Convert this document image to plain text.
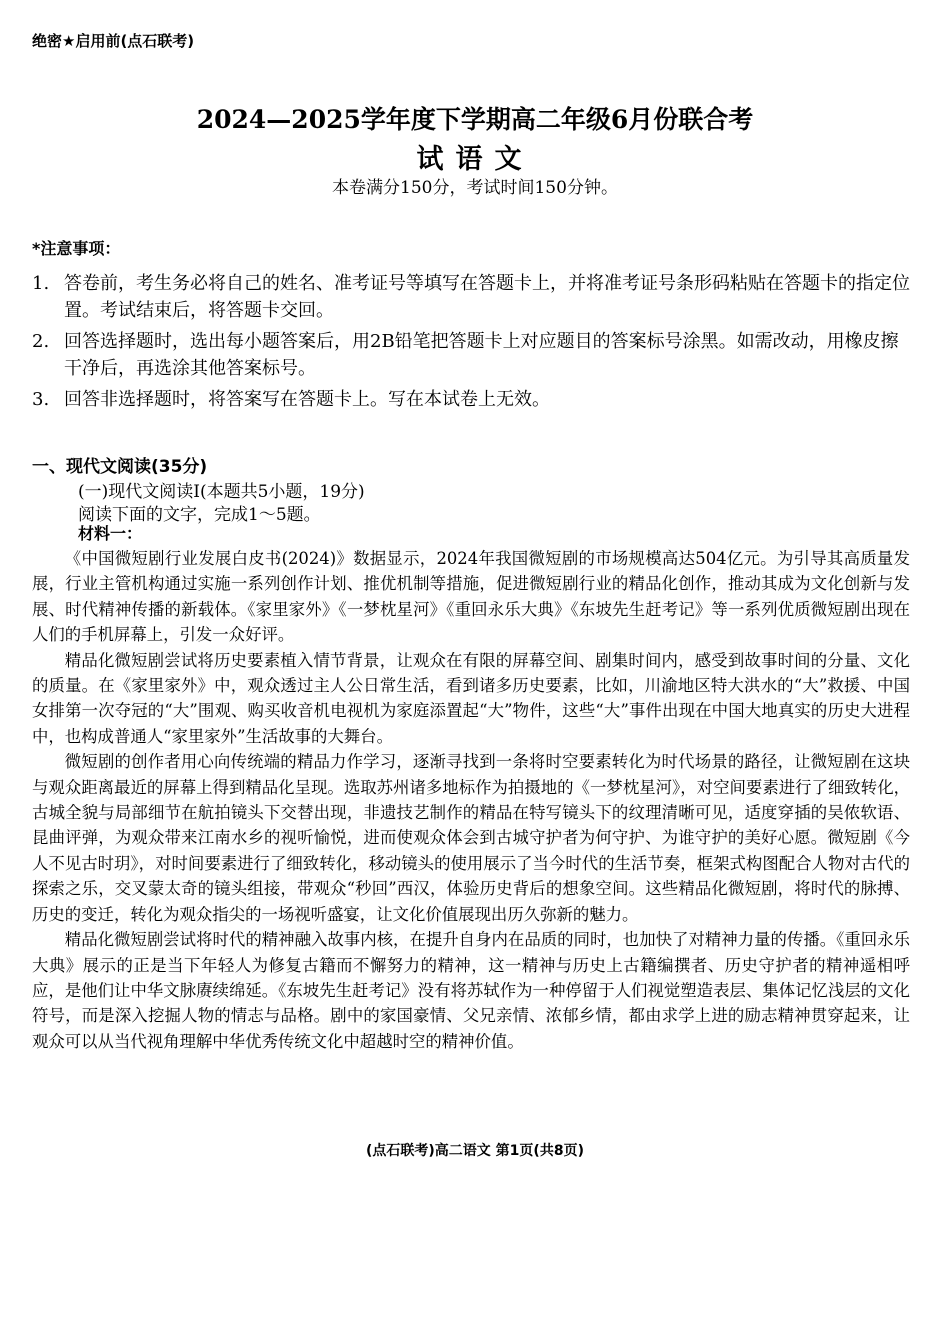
绝密★启用前(点石联考)
2024—2025学年度下学期高二年级6月份联合考
试语文
本卷满分150分，考试时间150分钟。
*注意事项：
1. 答卷前，考生务必将自己的姓名、准考证号等填写在答题卡上，并将准考证号条形码粘贴在答题卡的指定位置。考试结束后，将答题卡交回。
2. 回答选择题时，选出每小题答案后，用2B铅笔把答题卡上对应题目的答案标号涂黑。如需改动，用橡皮擦干净后，再选涂其他答案标号。
3. 回答非选择题时，将答案写在答题卡上。写在本试卷上无效。
一、现代文阅读(35分)
(一)现代文阅读Ⅰ(本题共5小题，19分)
阅读下面的文字，完成1～5题。
材料一：

《中国微短剧行业发展白皮书(2024)》数据显示，2024年我国微短剧的市场规模高达504亿元。为引导其高质量发展，行业主管机构通过实施一系列创作计划、推优机制等措施，促进微短剧行业的精品化创作，推动其成为文化创新与发展、时代精神传播的新载体。《家里家外》《一梦枕星河》《重回永乐大典》《东坡先生赶考记》等一系列优质微短剧出现在人们的手机屏幕上，引发一众好评。

精品化微短剧尝试将历史要素植入情节背景，让观众在有限的屏幕空间、剧集时间内，感受到故事时间的分量、文化的质量。在《家里家外》中，观众透过主人公日常生活，看到诸多历史要素，比如，川渝地区特大洪水的“大”救援、中国女排第一次夺冠的“大”围观、购买收音机电视机为家庭添置起“大”物件，这些“大”事件出现在中国大地真实的历史大进程中，也构成普通人“家里家外”生活故事的大舞台。

微短剧的创作者用心向传统端的精品力作学习，逐渐寻找到一条将时空要素转化为时代场景的路径，让微短剧在这块与观众距离最近的屏幕上得到精品化呈现。选取苏州诸多地标作为拍摄地的《一梦枕星河》，对空间要素进行了细致转化，古城全貌与局部细节在航拍镜头下交替出现，非遗技艺制作的精品在特写镜头下的纹理清晰可见，适度穿插的吴侬软语、昆曲评弹，为观众带来江南水乡的视听愉悦，进而使观众体会到古城守护者为何守护、为谁守护的美好心愿。微短剧《今人不见古时玥》，对时间要素进行了细致转化，移动镜头的使用展示了当今时代的生活节奏，框架式构图配合人物对古代的探索之乐，交叉蒙太奇的镜头组接，带观众“秒回”西汉，体验历史背后的想象空间。这些精品化微短剧，将时代的脉搏、历史的变迁，转化为观众指尖的一场视听盛宴，让文化价值展现出历久弥新的魅力。

精品化微短剧尝试将时代的精神融入故事内核，在提升自身内在品质的同时，也加快了对精神力量的传播。《重回永乐大典》展示的正是当下年轻人为修复古籍而不懈努力的精神，这一精神与历史上古籍编撰者、历史守护者的精神遥相呼应，是他们让中华文脉赓续绵延。《东坡先生赶考记》没有将苏轼作为一种停留于人们视觉塑造表层、集体记忆浅层的文化符号，而是深入挖掘人物的情志与品格。剧中的家国豪情、父兄亲情、浓郁乡情，都由求学上进的励志精神贯穿起来，让观众可以从当代视角理解中华优秀传统文化中超越时空的精神价值。

(点石联考)高二语文 第1页(共8页)
